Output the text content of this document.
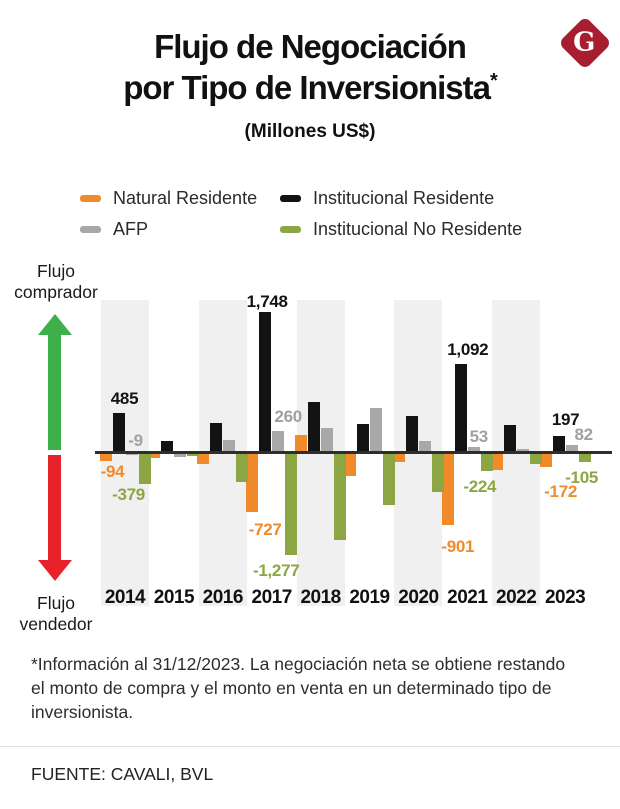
G
Flujo de Negociación
por Tipo de Inversionista*
(Millones US$)
Natural Residente	Institucional Residente
AFP	Institucional No Residente
Flujo comprador
Flujo vendedor
2014 2015 2016 2017 2018 2019 2020 2021 2022 2023
485
-9
-94
-379
1,748
260
-727
-1,277
1,092
53
-901
-224
197
82
-172
-105
*Información al 31/12/2023. La negociación neta se obtiene restando el monto de compra y el monto en venta en un determinado tipo de inversionista.
FUENTE: CAVALI, BVL
